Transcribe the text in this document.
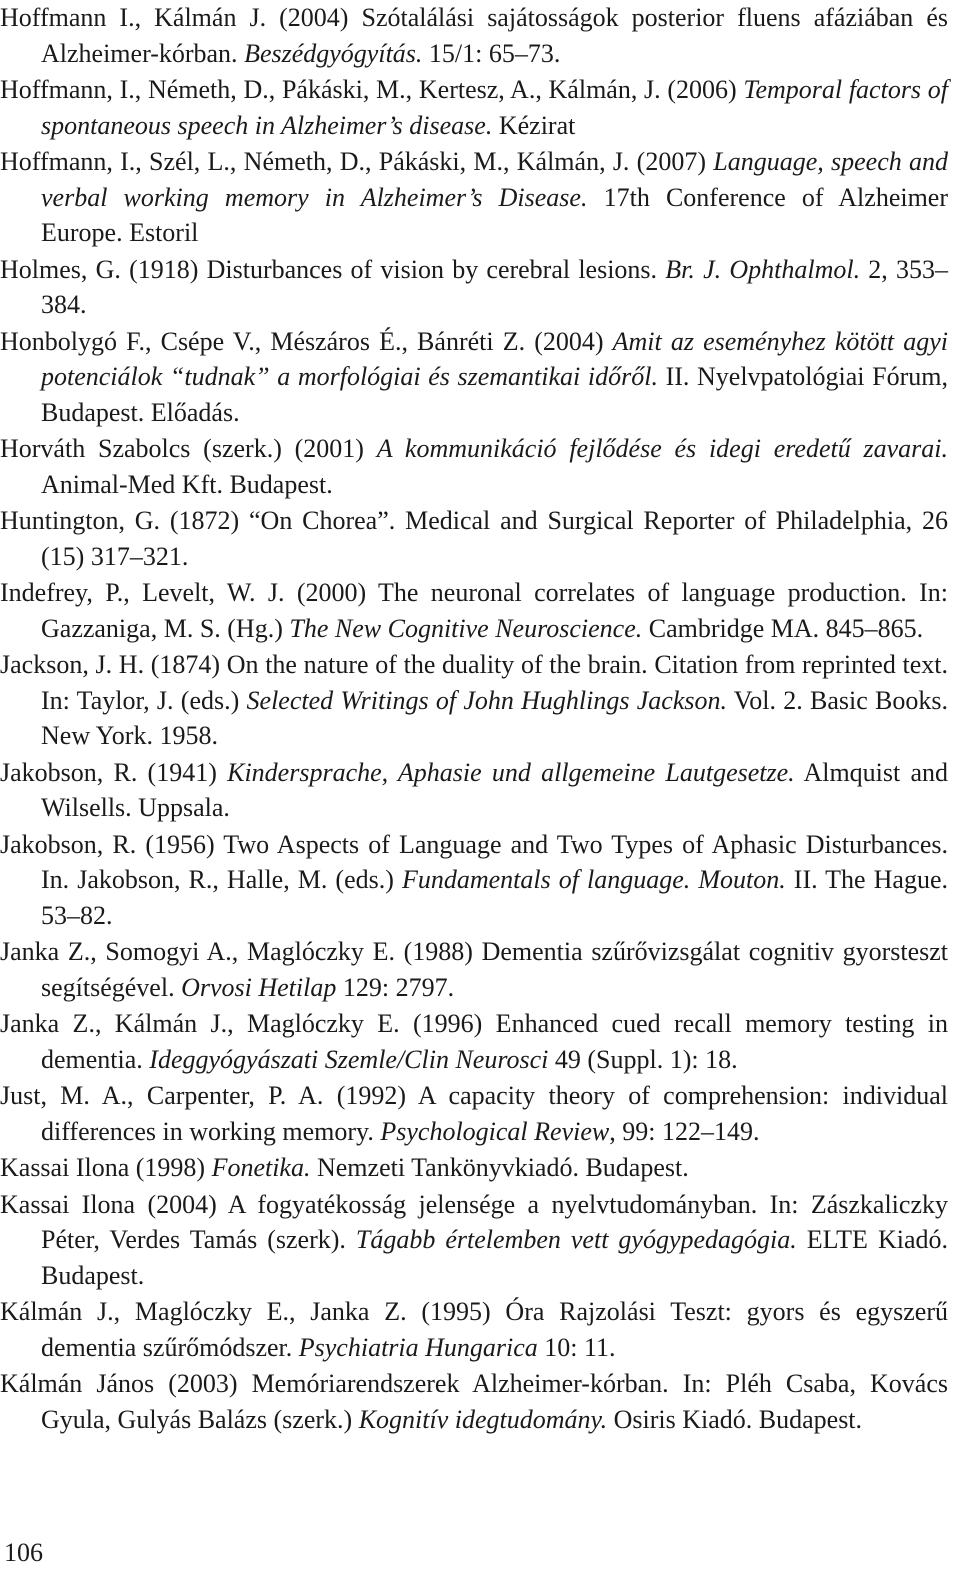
Hoffmann I., Kálmán J. (2004) Szótalálási sajátosságok posterior fluens afáziában és Alzheimer-kórban. Beszédgyógyítás. 15/1: 65–73.

Hoffmann, I., Németh, D., Pákáski, M., Kertesz, A., Kálmán, J. (2006) Temporal factors of spontaneous speech in Alzheimer’s disease. Kézirat

Hoffmann, I., Szél, L., Németh, D., Pákáski, M., Kálmán, J. (2007) Language, speech and verbal working memory in Alzheimer’s Disease. 17th Conference of Alzheimer Europe. Estoril

Holmes, G. (1918) Disturbances of vision by cerebral lesions. Br. J. Ophthalmol. 2, 353–384.

Honbolygó F., Csépe V., Mészáros É., Bánréti Z. (2004) Amit az eseményhez kötött agyi potenciálok “tudnak” a morfológiai és szemantikai időről. II. Nyelvpatológiai Fórum, Budapest. Előadás.

Horváth Szabolcs (szerk.) (2001) A kommunikáció fejlődése és idegi eredetű zavarai. Animal-Med Kft. Budapest.

Huntington, G. (1872) “On Chorea”. Medical and Surgical Reporter of Philadelphia, 26 (15) 317–321.

Indefrey, P., Levelt, W. J. (2000) The neuronal correlates of language production. In: Gazzaniga, M. S. (Hg.) The New Cognitive Neuroscience. Cambridge MA. 845–865.

Jackson, J. H. (1874) On the nature of the duality of the brain. Citation from reprinted text. In: Taylor, J. (eds.) Selected Writings of John Hughlings Jackson. Vol. 2. Basic Books. New York. 1958.

Jakobson, R. (1941) Kindersprache, Aphasie und allgemeine Lautgesetze. Almquist and Wilsells. Uppsala.

Jakobson, R. (1956) Two Aspects of Language and Two Types of Aphasic Disturbances. In. Jakobson, R., Halle, M. (eds.) Fundamentals of language. Mouton. II. The Hague. 53–82.

Janka Z., Somogyi A., Maglóczky E. (1988) Dementia szűrővizsgálat cognitiv gyorsteszt segítségével. Orvosi Hetilap 129: 2797.

Janka Z., Kálmán J., Maglóczky E. (1996) Enhanced cued recall memory testing in dementia. Ideggyógyászati Szemle/Clin Neurosci 49 (Suppl. 1): 18.

Just, M. A., Carpenter, P. A. (1992) A capacity theory of comprehension: individual differences in working memory. Psychological Review, 99: 122–149.

Kassai Ilona (1998) Fonetika. Nemzeti Tankönyvkiadó. Budapest.

Kassai Ilona (2004) A fogyatékosság jelensége a nyelvtudományban. In: Zászkaliczky Péter, Verdes Tamás (szerk). Tágabb értelemben vett gyógypedagógia. ELTE Kiadó. Budapest.

Kálmán J., Maglóczky E., Janka Z. (1995) Óra Rajzolási Teszt: gyors és egyszerű dementia szűrőmódszer. Psychiatria Hungarica 10: 11.

Kálmán János (2003) Memóriarendszerek Alzheimer-kórban. In: Pléh Csaba, Kovács Gyula, Gulyás Balázs (szerk.) Kognitív idegtudomány. Osiris Kiadó. Budapest.

106
